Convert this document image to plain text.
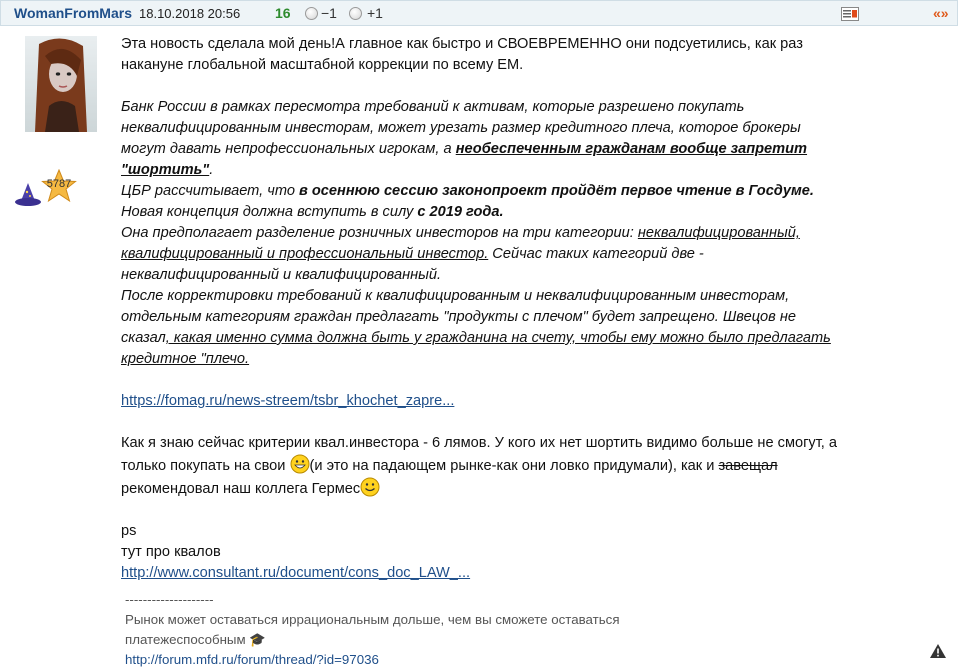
WomanFromMars 18.10.2018 20:56 16 −1 +1	«»
5787

Эта новость сделала мой день!А главное как быстро и СВОЕВРЕМЕННО они подсуетились, как раз накануне глобальной масштабной коррекции по всему ЕМ.

Банк России в рамках пересмотра требований к активам, которые разрешено покупать неквалифицированным инвесторам, может урезать размер кредитного плеча, которое брокеры могут давать непрофессиональных игрокам, а необеспеченным гражданам вообще запретит "шортить".

ЦБР рассчитывает, что в осеннюю сессию законопроект пройдёт первое чтение в Госдуме. Новая концепция должна вступить в силу с 2019 года.

Она предполагает разделение розничных инвесторов на три категории: неквалифицированный, квалифицированный и профессиональный инвестор. Сейчас таких категорий две - неквалифицированный и квалифицированный.

После корректировки требований к квалифицированным и неквалифицированным инвесторам, отдельным категориям граждан предлагать "продукты с плечом" будет запрещено. Швецов не сказал, какая именно сумма должна быть у гражданина на счету, чтобы ему можно было предлагать кредитное "плечо.

https://fomag.ru/news-streem/tsbr_khochet_zapre...

Как я знаю сейчас критерии квал.инвестора - 6 лямов. У кого их нет шортить видимо больше не смогут, а только покупать на свои (и это на падающем рынке-как они ловко придумали), как и завещал рекомендовал наш коллега Гермес

ps

тут про квалов

http://www.consultant.ru/document/cons_doc_LAW_...

--------------------
Рынок может оставаться иррациональным дольше, чем вы сможете оставаться
платежеспособным 🎓
http://forum.mfd.ru/forum/thread/?id=97036
